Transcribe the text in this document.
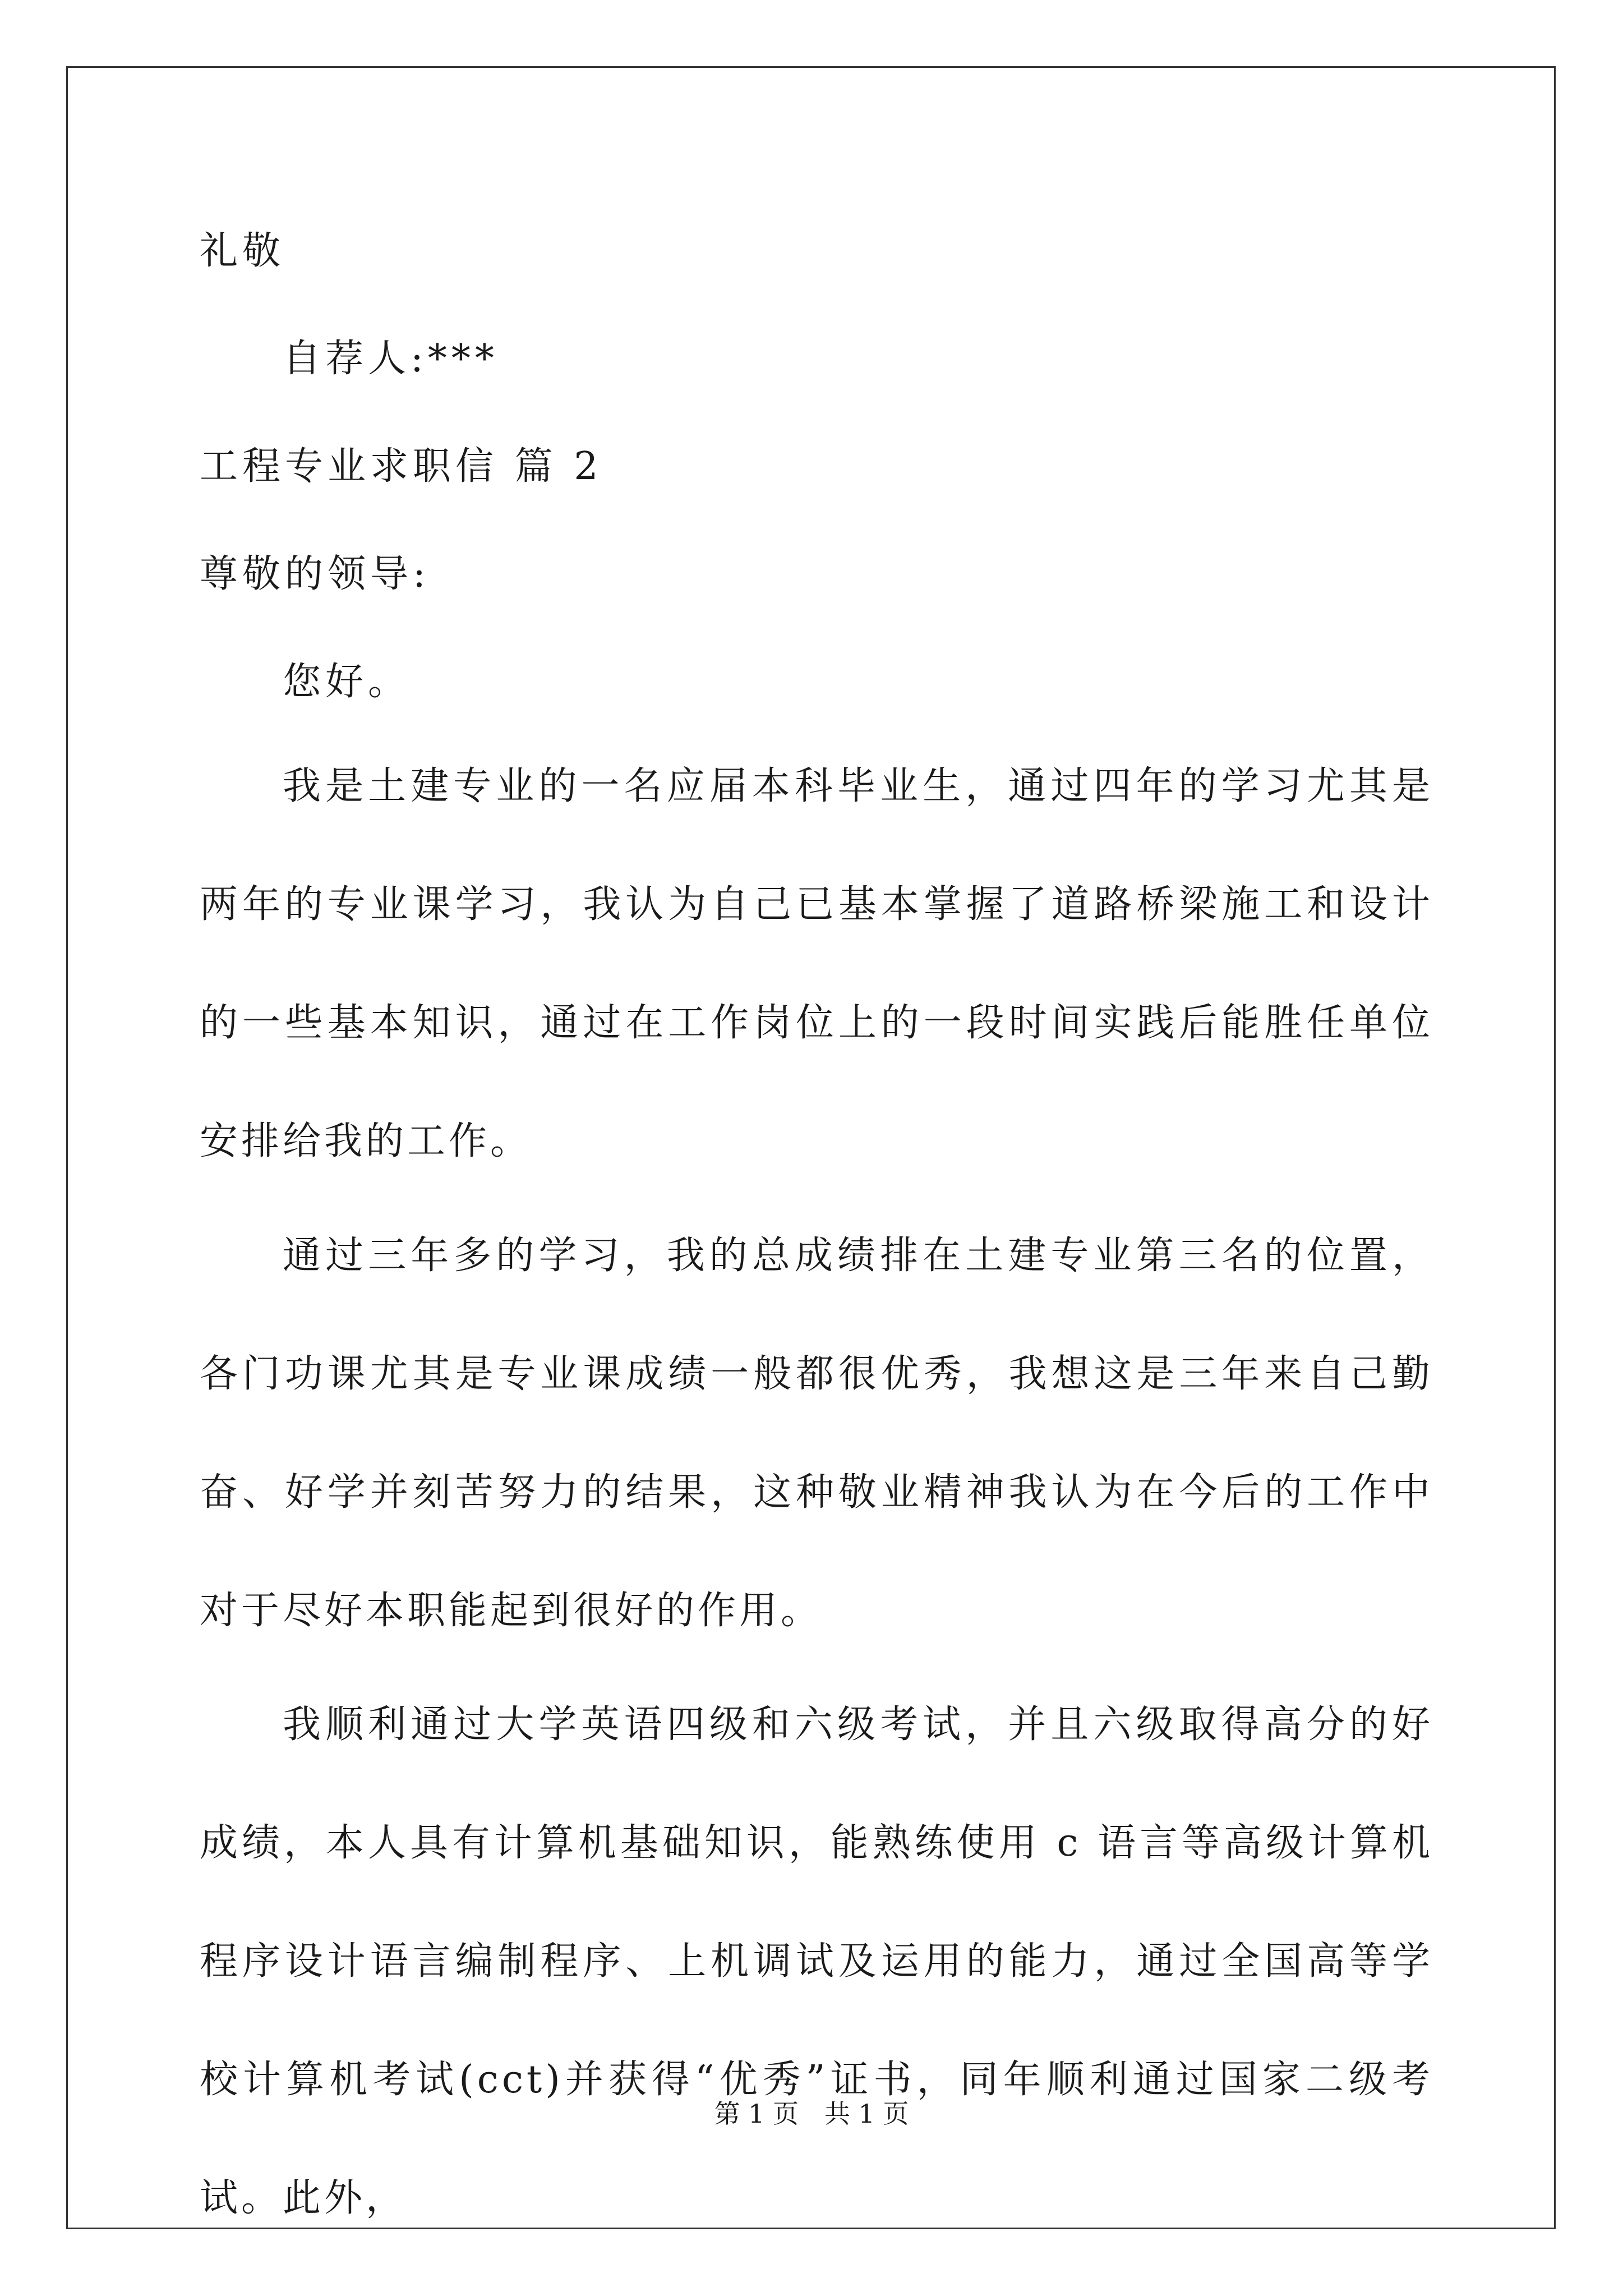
礼敬
自荐人:***
工程专业求职信 篇 2
尊敬的领导:
您好。
我是土建专业的一名应届本科毕业生，通过四年的学习尤其是两年的专业课学习，我认为自己已基本掌握了道路桥梁施工和设计的一些基本知识，通过在工作岗位上的一段时间实践后能胜任单位安排给我的工作。
通过三年多的学习，我的总成绩排在土建专业第三名的位置，各门功课尤其是专业课成绩一般都很优秀，我想这是三年来自己勤奋、好学并刻苦努力的结果，这种敬业精神我认为在今后的工作中对于尽好本职能起到很好的作用。
我顺利通过大学英语四级和六级考试，并且六级取得高分的好成绩，本人具有计算机基础知识，能熟练使用 c 语言等高级计算机程序设计语言编制程序、上机调试及运用的能力，通过全国高等学校计算机考试(cct)并获得“优秀”证书，同年顺利通过国家二级考试。此外，
第 1 页 共 1 页
